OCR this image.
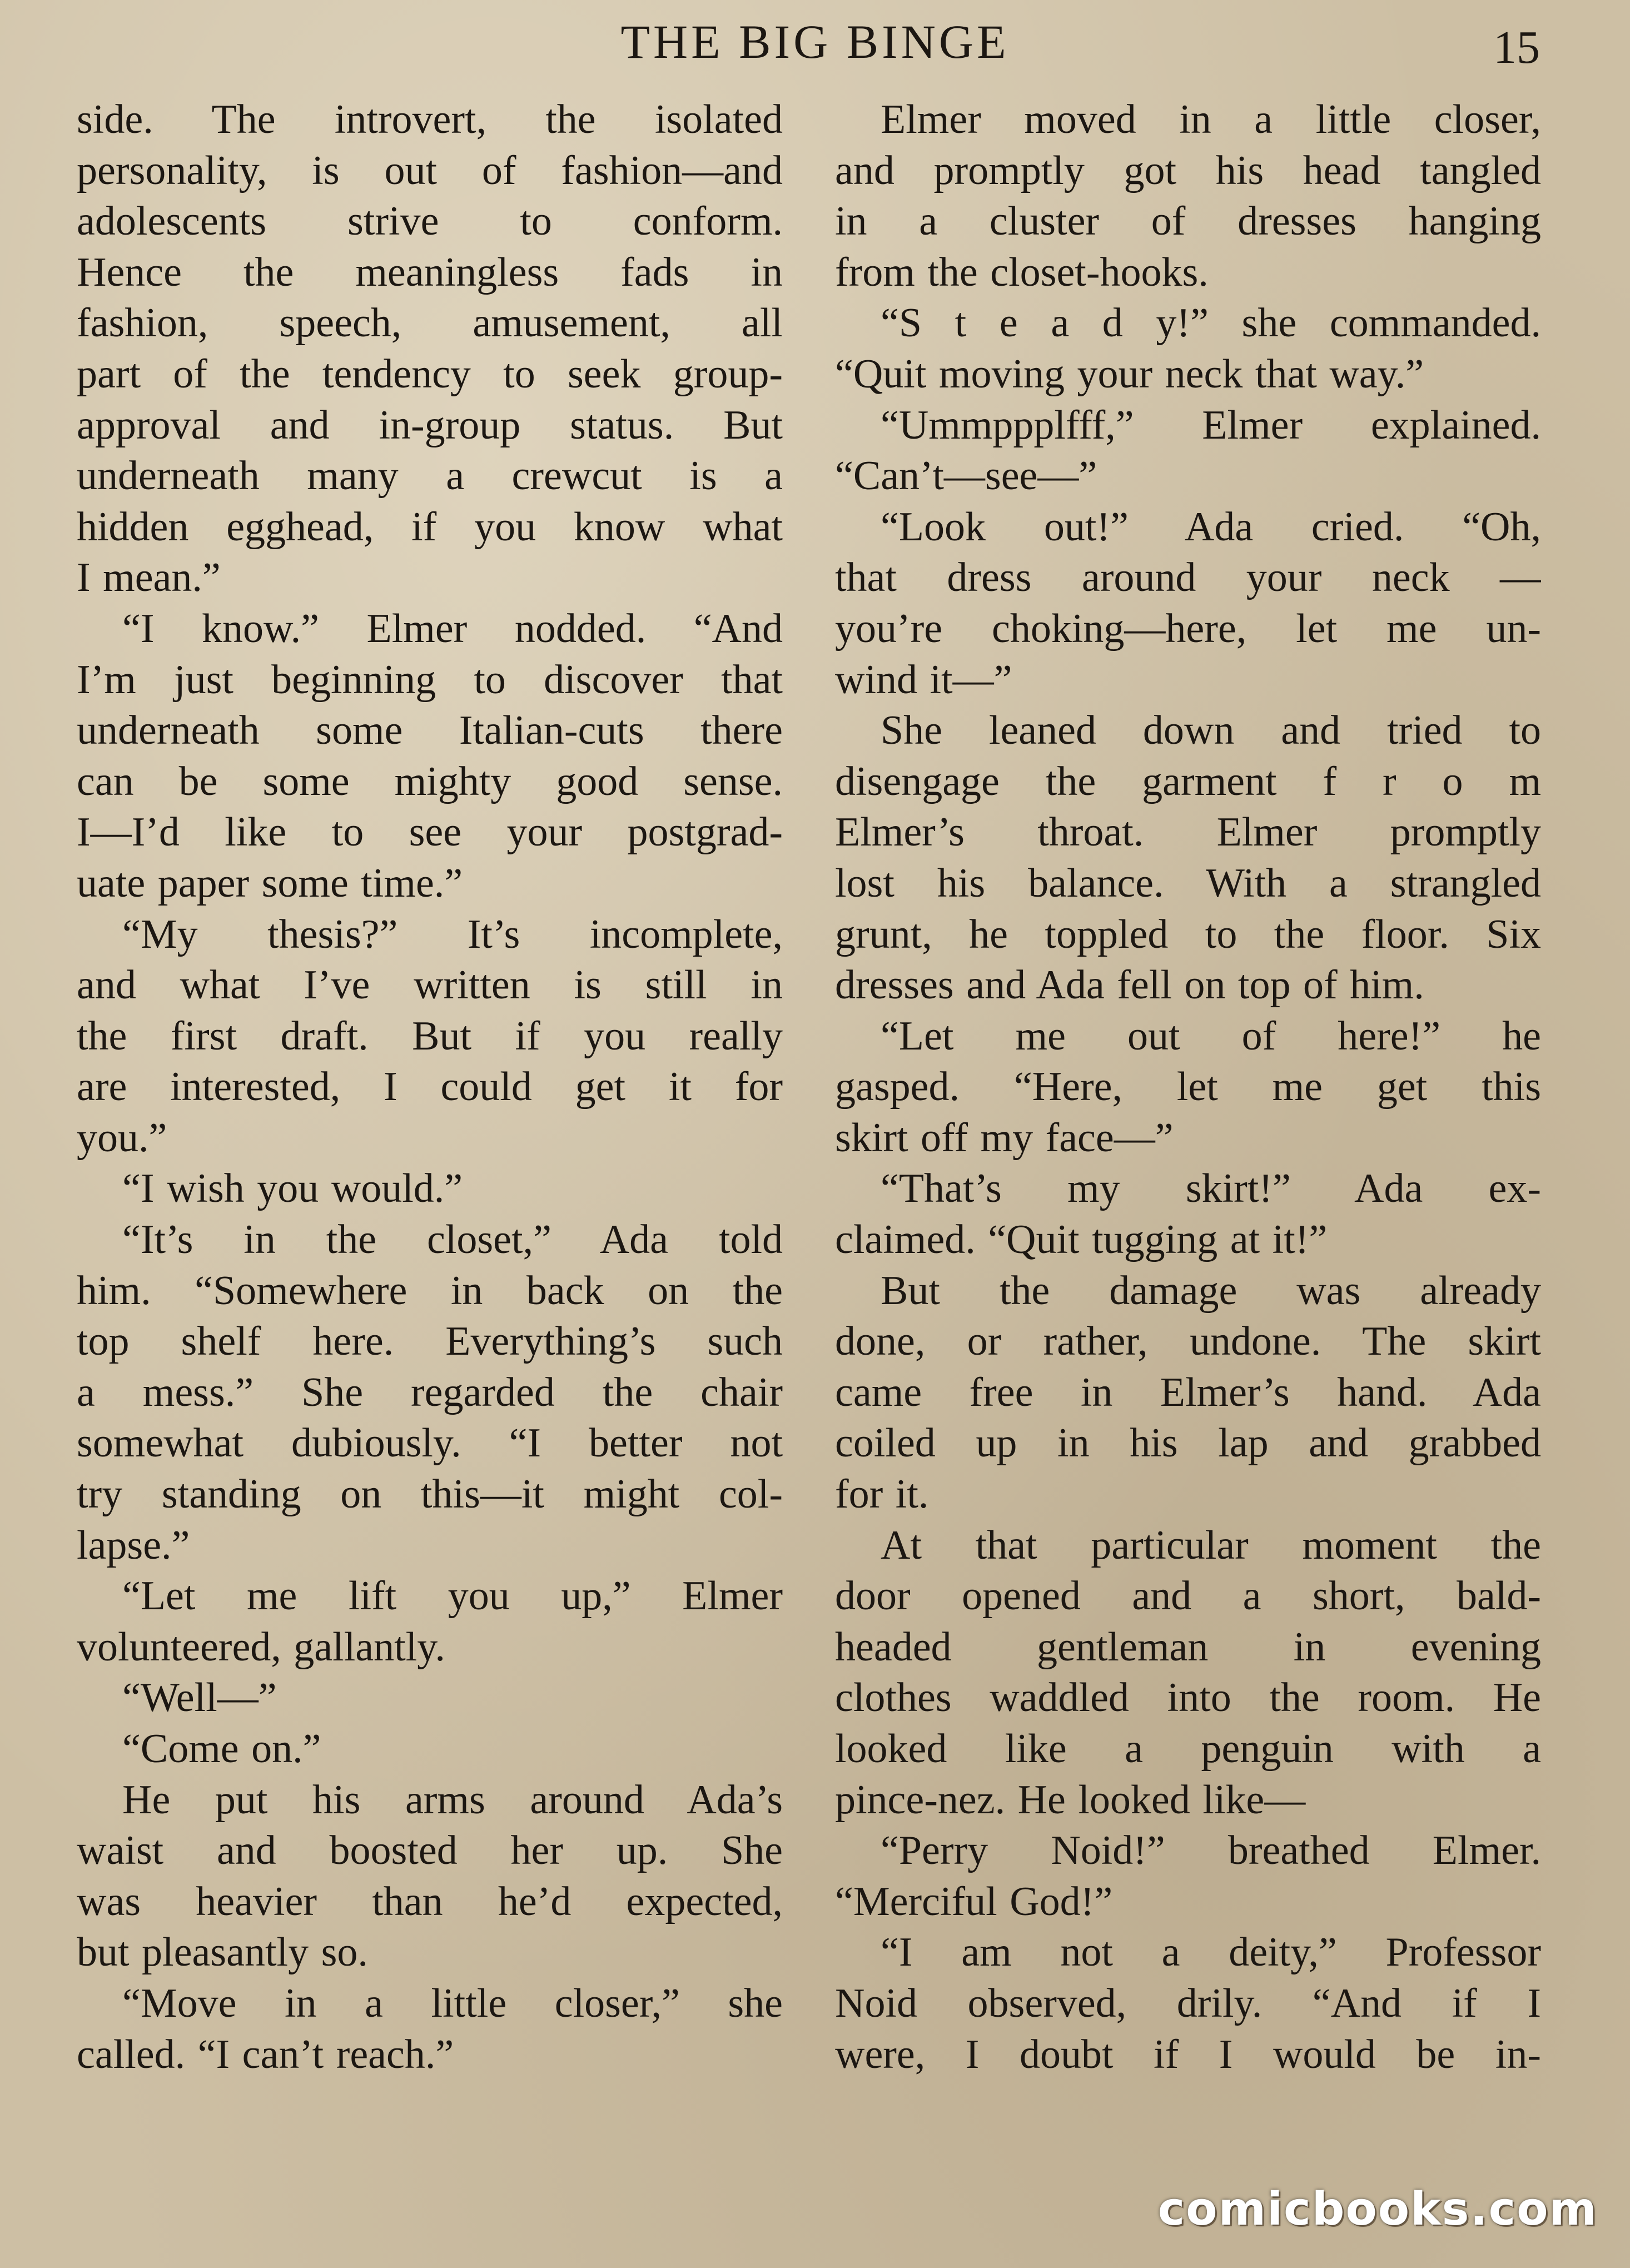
THE BIG BINGE	15
side. The introvert, the isolated
personality, is out of fashion—and
adolescents strive to conform.
Hence the meaningless fads in
fashion, speech, amusement, all
part of the tendency to seek group-
approval and in-group status. But
underneath many a crewcut is a
hidden egghead, if you know what
I mean.”
“I know.” Elmer nodded. “And
I’m just beginning to discover that
underneath some Italian-cuts there
can be some mighty good sense.
I—I’d like to see your postgrad-
uate paper some time.”
“My thesis?” It’s incomplete,
and what I’ve written is still in
the first draft. But if you really
are interested, I could get it for
you.”
“I wish you would.”
“It’s in the closet,” Ada told
him. “Somewhere in back on the
top shelf here. Everything’s such
a mess.” She regarded the chair
somewhat dubiously. “I better not
try standing on this—it might col-
lapse.”
“Let me lift you up,” Elmer
volunteered, gallantly.
“Well—”
“Come on.”
He put his arms around Ada’s
waist and boosted her up. She
was heavier than he’d expected,
but pleasantly so.
“Move in a little closer,” she
called. “I can’t reach.”
Elmer moved in a little closer,
and promptly got his head tangled
in a cluster of dresses hanging
from the closet-hooks.
“S t e a d y!” she commanded.
“Quit moving your neck that way.”
“Ummppplfff,” Elmer explained.
“Can’t—see—”
“Look out!” Ada cried. “Oh,
that dress around your neck —
you’re choking—here, let me un-
wind it—”
She leaned down and tried to
disengage the garment f r o m
Elmer’s throat. Elmer promptly
lost his balance. With a strangled
grunt, he toppled to the floor. Six
dresses and Ada fell on top of him.
“Let me out of here!” he
gasped. “Here, let me get this
skirt off my face—”
“That’s my skirt!” Ada ex-
claimed. “Quit tugging at it!”
But the damage was already
done, or rather, undone. The skirt
came free in Elmer’s hand. Ada
coiled up in his lap and grabbed
for it.
At that particular moment the
door opened and a short, bald-
headed gentleman in evening
clothes waddled into the room. He
looked like a penguin with a
pince-nez. He looked like—
“Perry Noid!” breathed Elmer.
“Merciful God!”
“I am not a deity,” Professor
Noid observed, drily. “And if I
were, I doubt if I would be in-
comicbooks.com
